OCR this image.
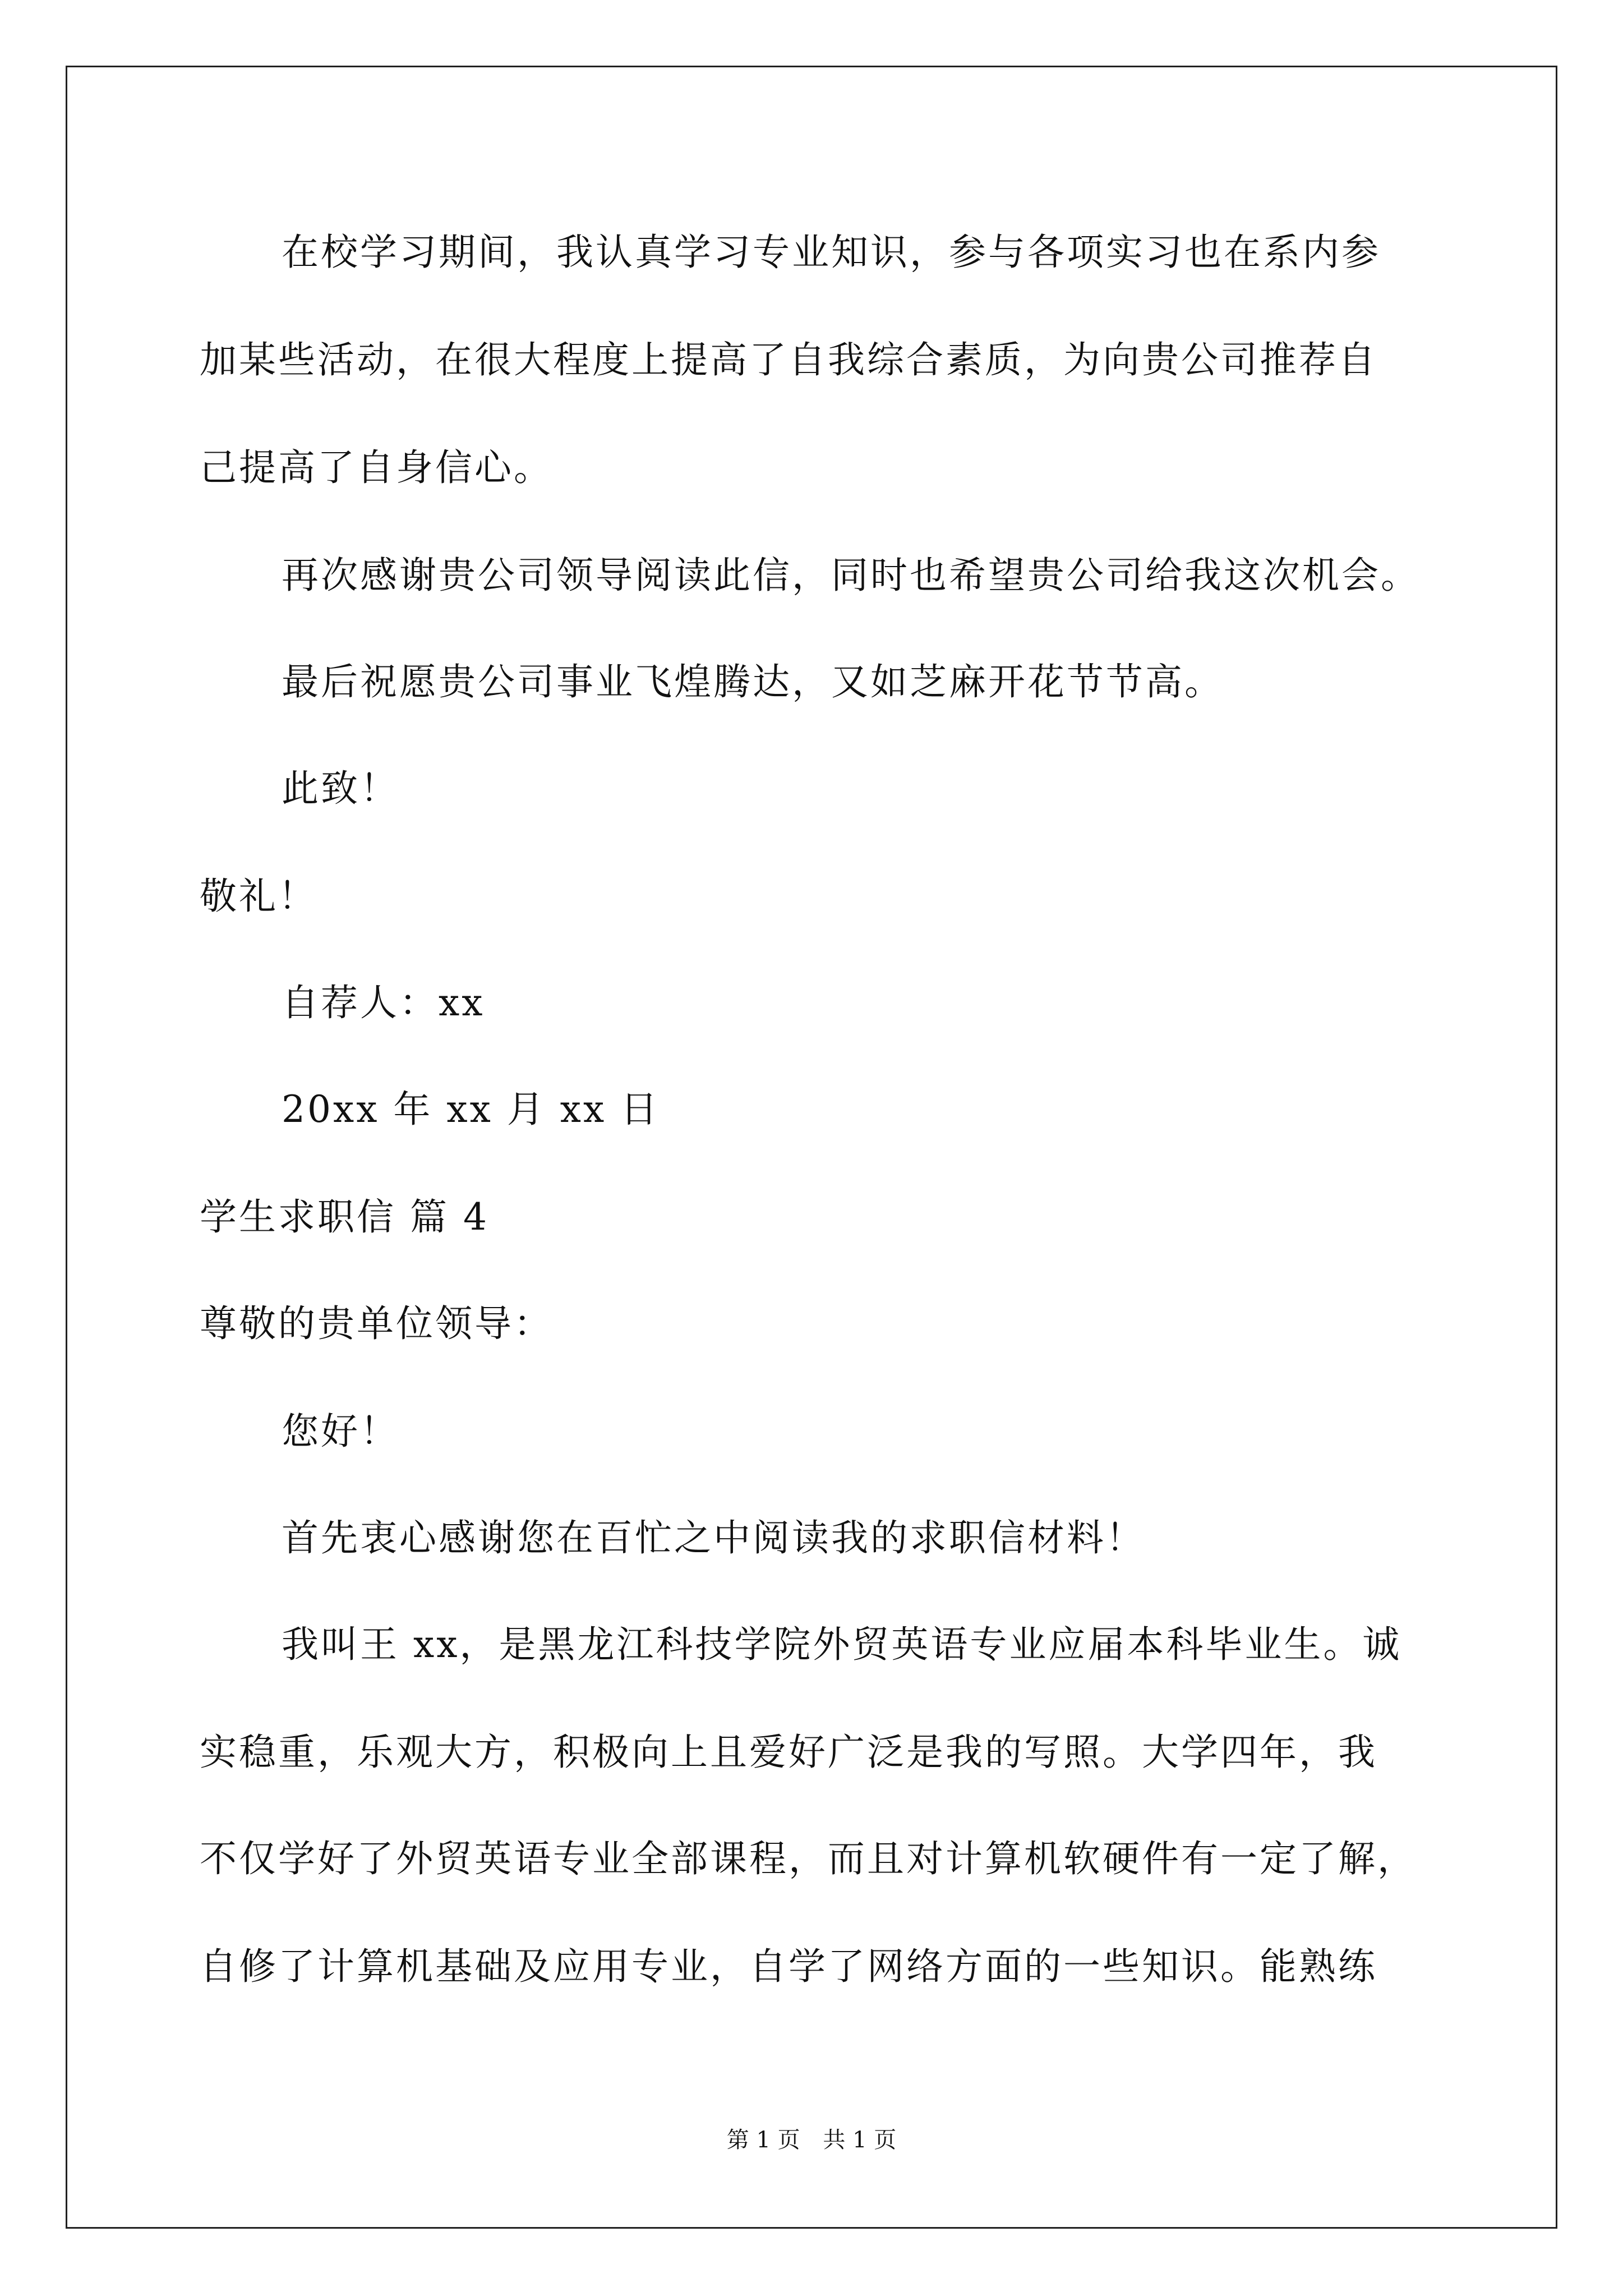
在校学习期间，我认真学习专业知识，参与各项实习也在系内参
加某些活动，在很大程度上提高了自我综合素质，为向贵公司推荐自
己提高了自身信心。
再次感谢贵公司领导阅读此信，同时也希望贵公司给我这次机会。
最后祝愿贵公司事业飞煌腾达，又如芝麻开花节节高。
此致！
敬礼！
自荐人：xx
20xx 年 xx 月 xx 日
学生求职信 篇 4
尊敬的贵单位领导：
您好！
首先衷心感谢您在百忙之中阅读我的求职信材料！
我叫王 xx，是黑龙江科技学院外贸英语专业应届本科毕业生。诚
实稳重，乐观大方，积极向上且爱好广泛是我的写照。大学四年，我
不仅学好了外贸英语专业全部课程，而且对计算机软硬件有一定了解，
自修了计算机基础及应用专业，自学了网络方面的一些知识。能熟练
第 1 页 共 1 页
